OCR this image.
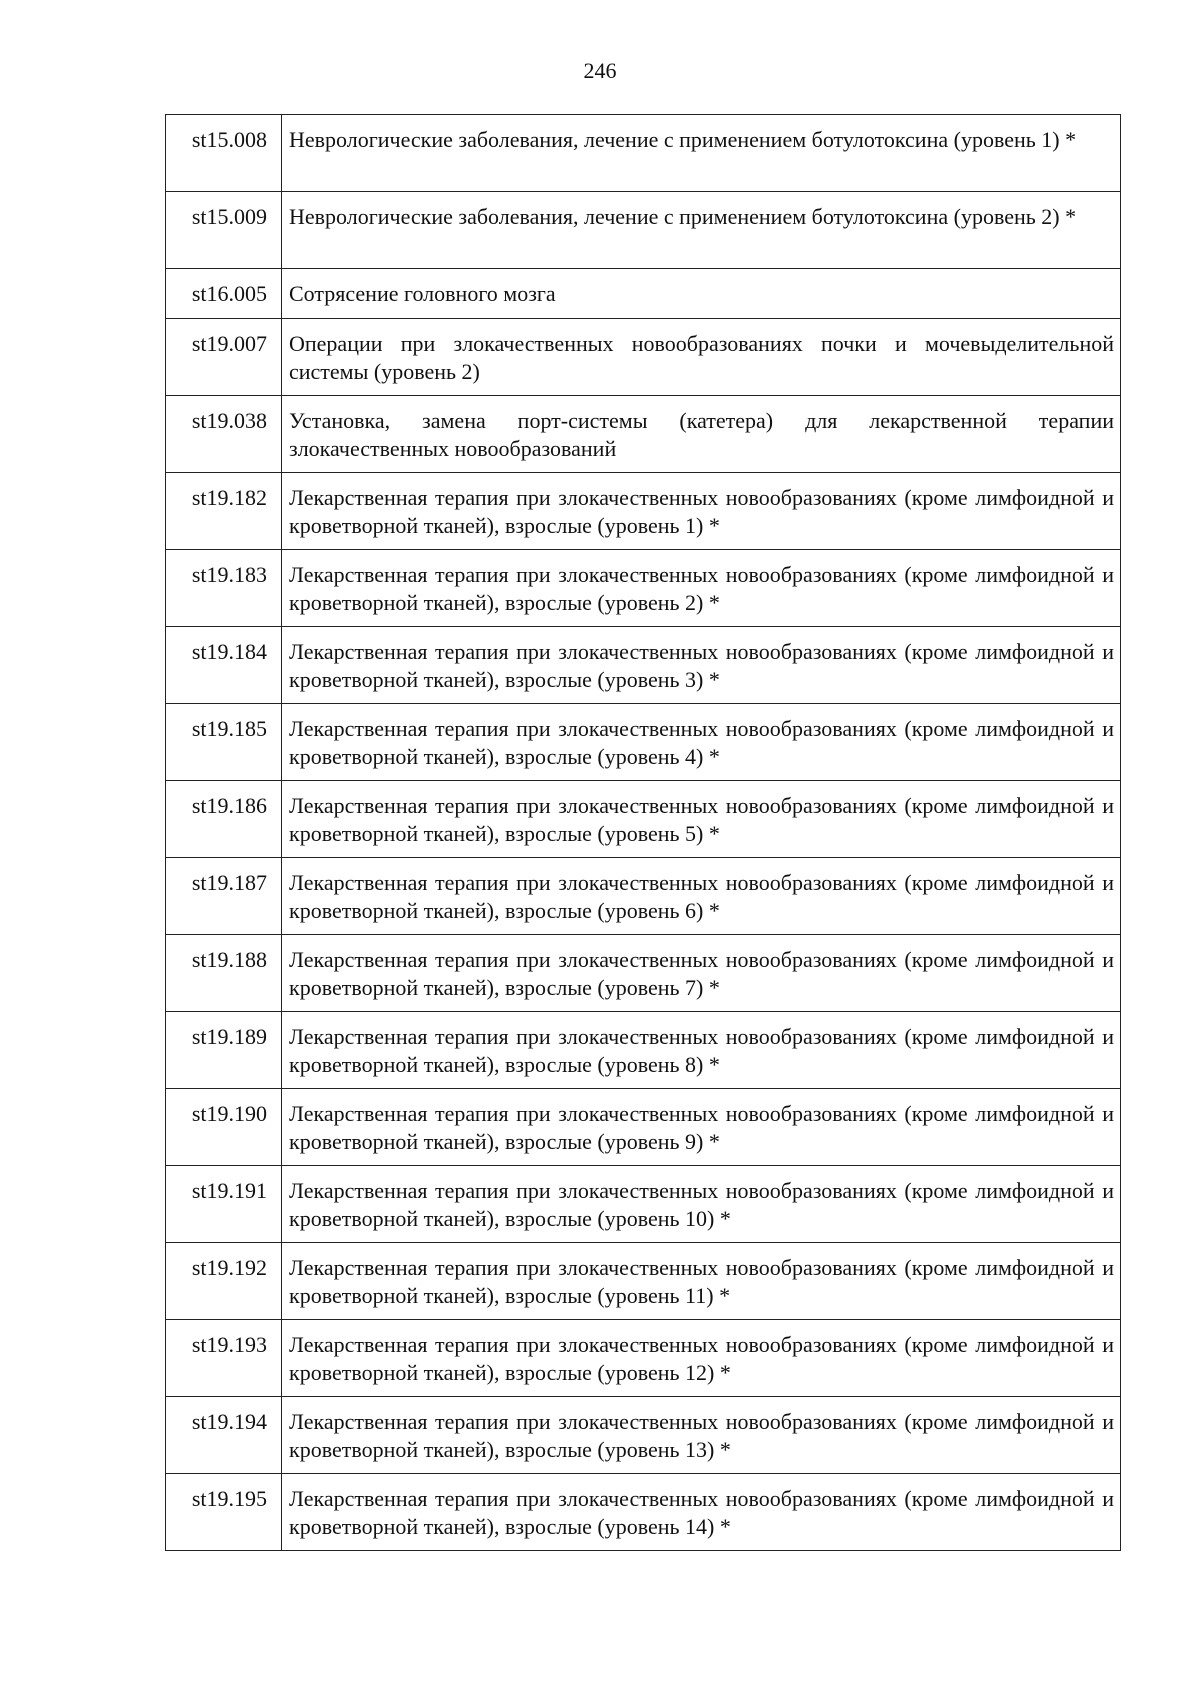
246
st15.008	Неврологические заболевания, лечение с применением ботулотоксина (уровень 1) *
st15.009	Неврологические заболевания, лечение с применением ботулотоксина (уровень 2) *
st16.005	Сотрясение головного мозга
st19.007	Операции при злокачественных новообразованиях почки и мочевыделительной системы (уровень 2)
st19.038	Установка, замена порт-системы (катетера) для лекарственной терапии злокачественных новообразований
st19.182	Лекарственная терапия при злокачественных новообразованиях (кроме лимфоидной и кроветворной тканей), взрослые (уровень 1) *
st19.183	Лекарственная терапия при злокачественных новообразованиях (кроме лимфоидной и кроветворной тканей), взрослые (уровень 2) *
st19.184	Лекарственная терапия при злокачественных новообразованиях (кроме лимфоидной и кроветворной тканей), взрослые (уровень 3) *
st19.185	Лекарственная терапия при злокачественных новообразованиях (кроме лимфоидной и кроветворной тканей), взрослые (уровень 4) *
st19.186	Лекарственная терапия при злокачественных новообразованиях (кроме лимфоидной и кроветворной тканей), взрослые (уровень 5) *
st19.187	Лекарственная терапия при злокачественных новообразованиях (кроме лимфоидной и кроветворной тканей), взрослые (уровень 6) *
st19.188	Лекарственная терапия при злокачественных новообразованиях (кроме лимфоидной и кроветворной тканей), взрослые (уровень 7) *
st19.189	Лекарственная терапия при злокачественных новообразованиях (кроме лимфоидной и кроветворной тканей), взрослые (уровень 8) *
st19.190	Лекарственная терапия при злокачественных новообразованиях (кроме лимфоидной и кроветворной тканей), взрослые (уровень 9) *
st19.191	Лекарственная терапия при злокачественных новообразованиях (кроме лимфоидной и кроветворной тканей), взрослые (уровень 10) *
st19.192	Лекарственная терапия при злокачественных новообразованиях (кроме лимфоидной и кроветворной тканей), взрослые (уровень 11) *
st19.193	Лекарственная терапия при злокачественных новообразованиях (кроме лимфоидной и кроветворной тканей), взрослые (уровень 12) *
st19.194	Лекарственная терапия при злокачественных новообразованиях (кроме лимфоидной и кроветворной тканей), взрослые (уровень 13) *
st19.195	Лекарственная терапия при злокачественных новообразованиях (кроме лимфоидной и кроветворной тканей), взрослые (уровень 14) *
